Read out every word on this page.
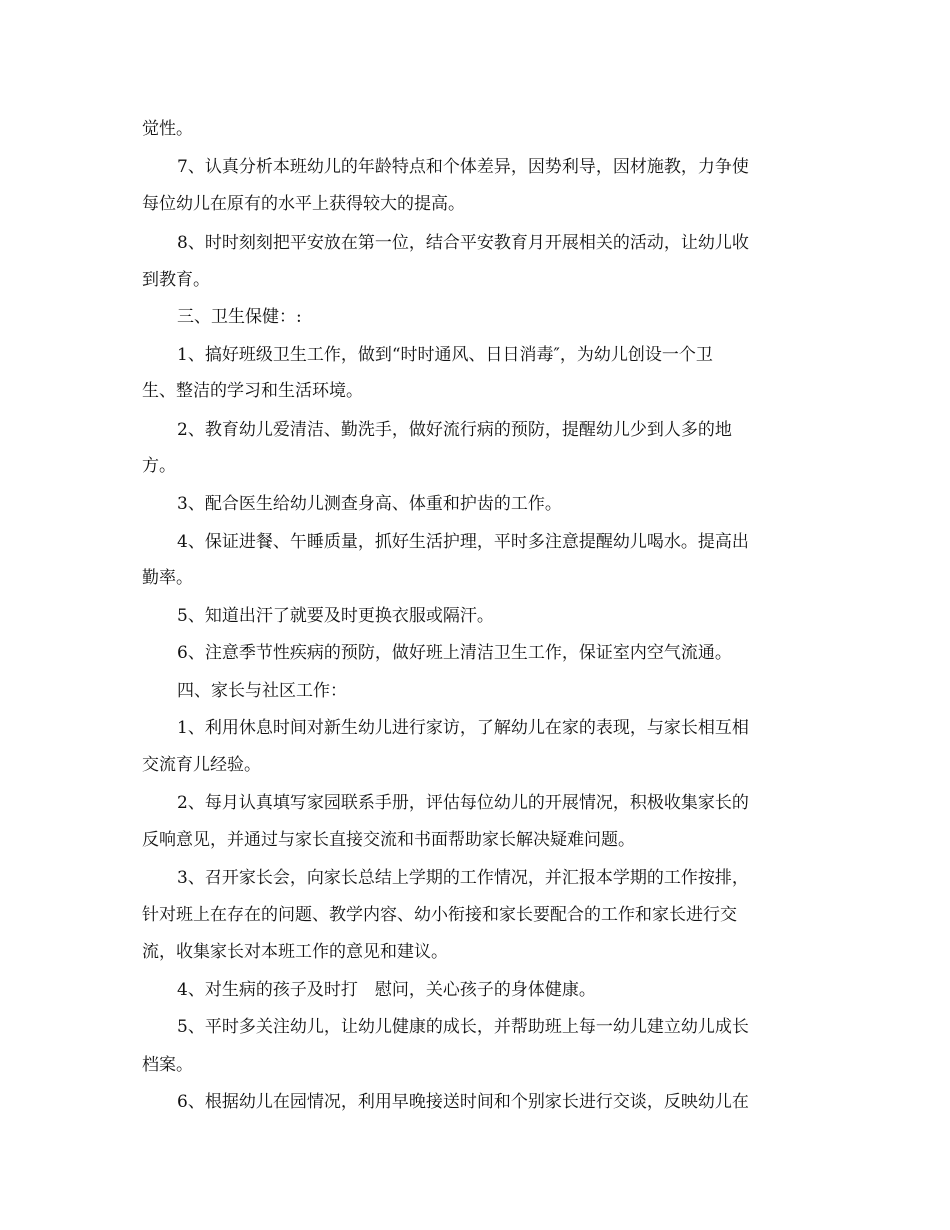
觉性。
7、认真分析本班幼儿的年龄特点和个体差异，因势利导，因材施教，力争使
每位幼儿在原有的水平上获得较大的提高。
8、时时刻刻把平安放在第一位，结合平安教育月开展相关的活动，让幼儿收
到教育。
三、卫生保健：:
1、搞好班级卫生工作，做到“时时通风、日日消毒″，为幼儿创设一个卫
生、整洁的学习和生活环境。
2、教育幼儿爱清洁、勤洗手，做好流行病的预防，提醒幼儿少到人多的地
方。
3、配合医生给幼儿测查身高、体重和护齿的工作。
4、保证进餐、午睡质量，抓好生活护理，平时多注意提醒幼儿喝水。提高出
勤率。
5、知道出汗了就要及时更换衣服或隔汗。
6、注意季节性疾病的预防，做好班上清洁卫生工作，保证室内空气流通。
四、家长与社区工作：
1、利用休息时间对新生幼儿进行家访，了解幼儿在家的表现，与家长相互相
交流育儿经验。
2、每月认真填写家园联系手册，评估每位幼儿的开展情况，积极收集家长的
反响意见，并通过与家长直接交流和书面帮助家长解决疑难问题。
3、召开家长会，向家长总结上学期的工作情况，并汇报本学期的工作按排，
针对班上在存在的问题、教学内容、幼小衔接和家长要配合的工作和家长进行交
流，收集家长对本班工作的意见和建议。
4、对生病的孩子及时打　慰问，关心孩子的身体健康。
5、平时多关注幼儿，让幼儿健康的成长，并帮助班上每一幼儿建立幼儿成长
档案。
6、根据幼儿在园情况，利用早晚接送时间和个别家长进行交谈，反映幼儿在
